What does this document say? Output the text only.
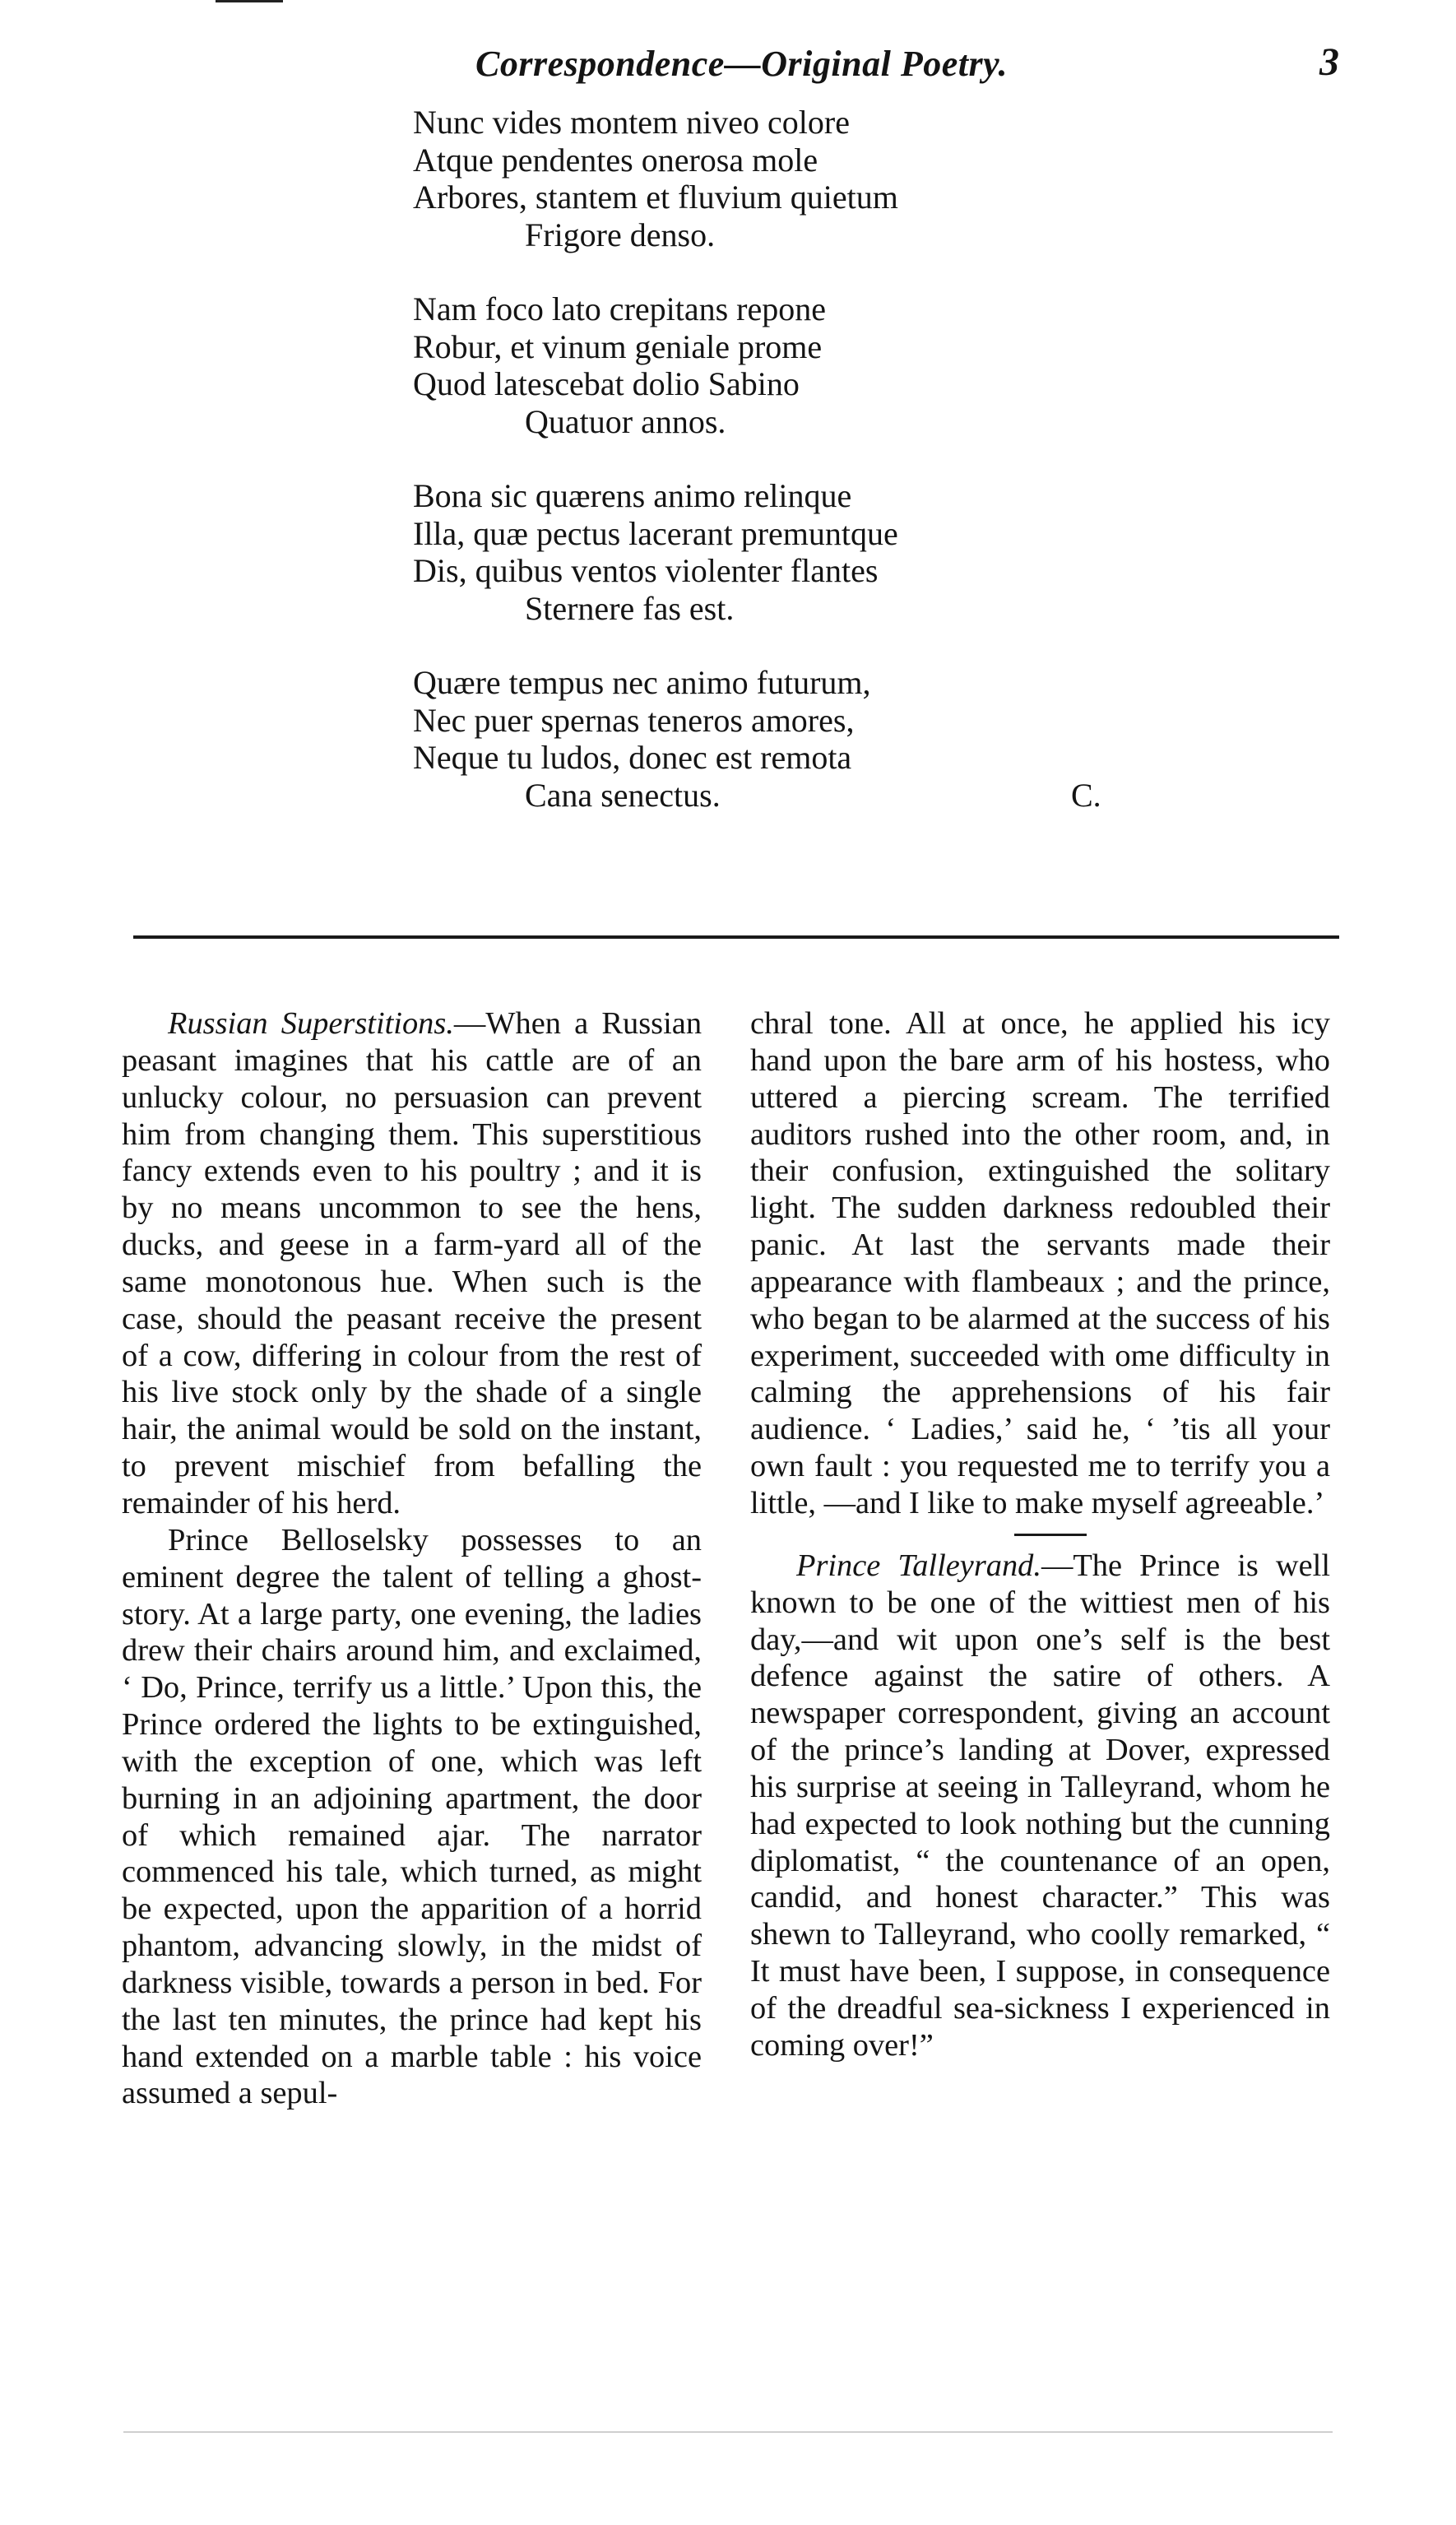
Correspondence—Original Poetry.	3
Nunc vides montem niveo colore
Atque pendentes onerosa mole
Arbores, stantem et fluvium quietum
Frigore denso.
Nam foco lato crepitans repone
Robur, et vinum geniale prome
Quod latescebat dolio Sabino
Quatuor annos.
Bona sic quærens animo relinque
Illa, quæ pectus lacerant premuntque
Dis, quibus ventos violenter flantes
Sternere fas est.
Quære tempus nec animo futurum,
Nec puer spernas teneros amores,
Neque tu ludos, donec est remota
Cana senectus.	C.

Russian Superstitions.—When a Russian peasant imagines that his cattle are of an unlucky colour, no persuasion can prevent him from changing them. This superstitious fancy extends even to his poultry ; and it is by no means uncommon to see the hens, ducks, and geese in a farm-yard all of the same monotonous hue. When such is the case, should the peasant receive the present of a cow, differing in colour from the rest of his live stock only by the shade of a single hair, the animal would be sold on the instant, to prevent mischief from befalling the remainder of his herd.

Prince Belloselsky possesses to an eminent degree the talent of telling a ghost-story. At a large party, one evening, the ladies drew their chairs around him, and exclaimed, ‘ Do, Prince, terrify us a little.’ Upon this, the Prince ordered the lights to be extinguished, with the exception of one, which was left burning in an adjoining apartment, the door of which remained ajar. The narrator commenced his tale, which turned, as might be expected, upon the apparition of a horrid phantom, advancing slowly, in the midst of darkness visible, towards a person in bed. For the last ten minutes, the prince had kept his hand extended on a marble table : his voice assumed a sepul-

chral tone. All at once, he applied his icy hand upon the bare arm of his hostess, who uttered a piercing scream. The terrified auditors rushed into the other room, and, in their confusion, extinguished the solitary light. The sudden darkness redoubled their panic. At last the servants made their appearance with flambeaux ; and the prince, who began to be alarmed at the success of his experiment, succeeded with ome difficulty in calming the apprehensions of his fair audience. ‘ Ladies,’ said he, ‘ ’tis all your own fault : you requested me to terrify you a little, —and I like to make myself agreeable.’

Prince Talleyrand.—The Prince is well known to be one of the wittiest men of his day,—and wit upon one’s self is the best defence against the satire of others. A newspaper correspondent, giving an account of the prince’s landing at Dover, expressed his surprise at seeing in Talleyrand, whom he had expected to look nothing but the cunning diplomatist, “ the countenance of an open, candid, and honest character.” This was shewn to Talleyrand, who coolly remarked, “ It must have been, I suppose, in consequence of the dreadful sea-sickness I experienced in coming over!”
